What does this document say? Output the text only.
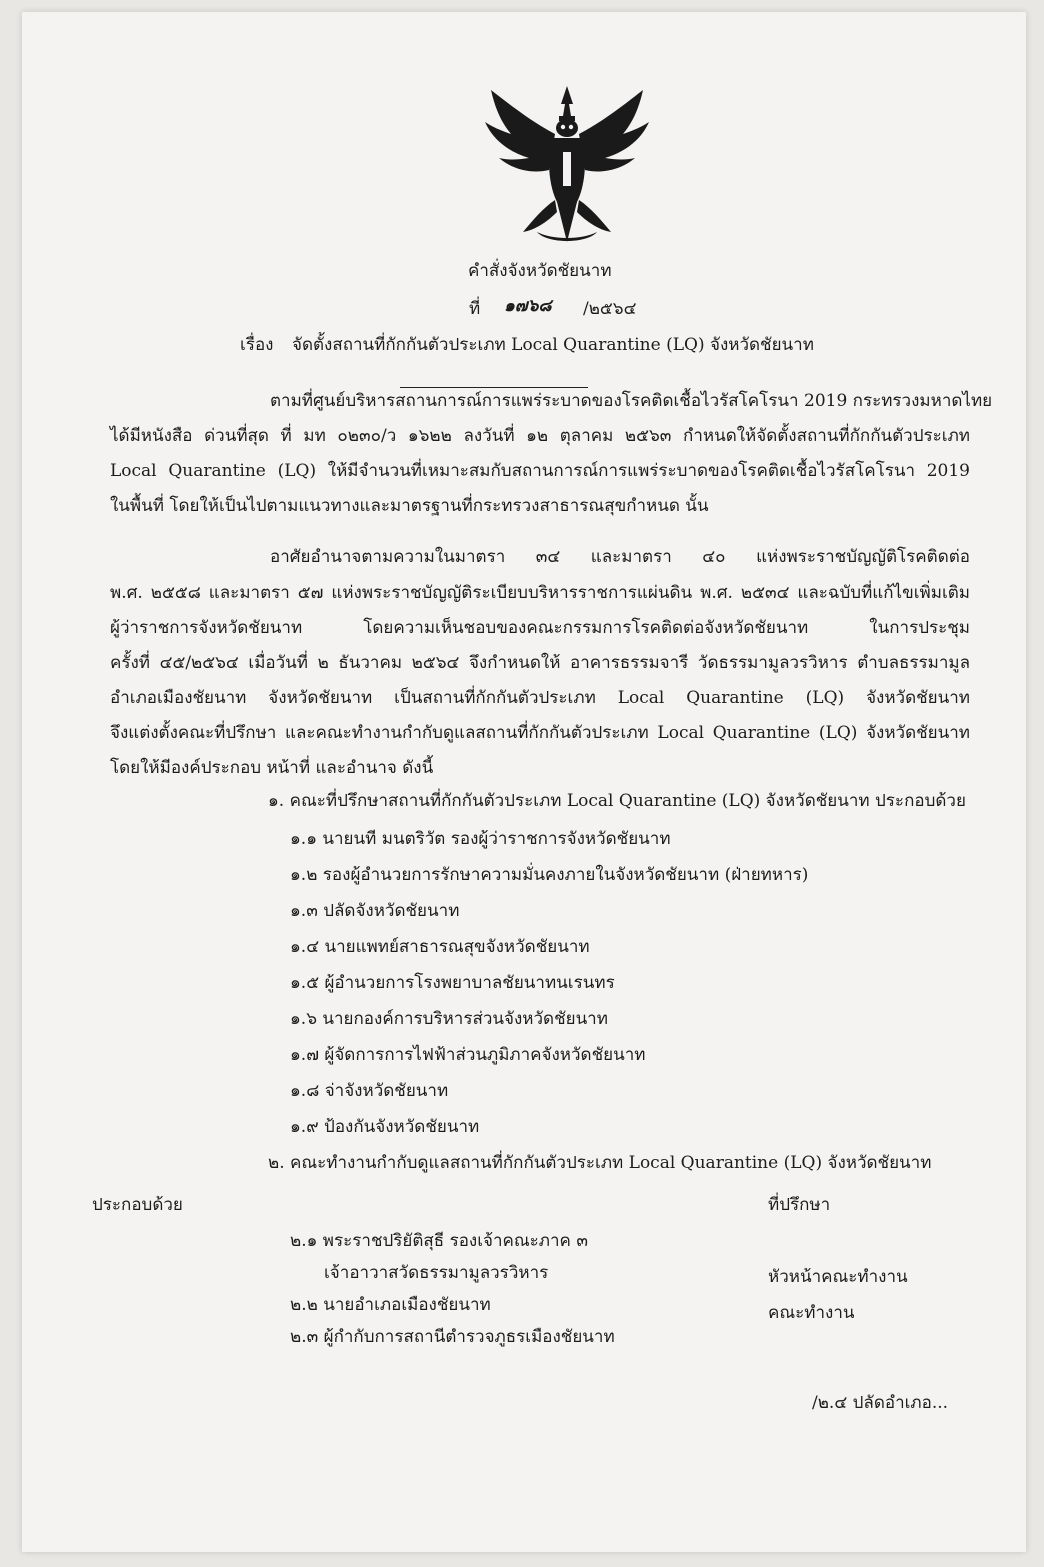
คำสั่งจังหวัดชัยนาท
ที่ ๑๗๖๘ /๒๕๖๔
เรื่อง จัดตั้งสถานที่กักกันตัวประเภท Local Quarantine (LQ) จังหวัดชัยนาท
ตามที่ศูนย์บริหารสถานการณ์การแพร่ระบาดของโรคติดเชื้อไวรัสโคโรนา 2019 กระทรวงมหาดไทย
ได้มีหนังสือ ด่วนที่สุด ที่ มท ๐๒๓๐/ว ๑๖๒๒ ลงวันที่ ๑๒ ตุลาคม ๒๕๖๓ กำหนดให้จัดตั้งสถานที่กักกันตัวประเภท
Local Quarantine (LQ) ให้มีจำนวนที่เหมาะสมกับสถานการณ์การแพร่ระบาดของโรคติดเชื้อไวรัสโคโรนา 2019
ในพื้นที่ โดยให้เป็นไปตามแนวทางและมาตรฐานที่กระทรวงสาธารณสุขกำหนด นั้น
อาศัยอำนาจตามความในมาตรา ๓๔ และมาตรา ๔๐ แห่งพระราชบัญญัติโรคติดต่อ
พ.ศ. ๒๕๕๘ และมาตรา ๕๗ แห่งพระราชบัญญัติระเบียบบริหารราชการแผ่นดิน พ.ศ. ๒๕๓๔ และฉบับที่แก้ไขเพิ่มเติม
ผู้ว่าราชการจังหวัดชัยนาท โดยความเห็นชอบของคณะกรรมการโรคติดต่อจังหวัดชัยนาท ในการประชุม
ครั้งที่ ๔๕/๒๕๖๔ เมื่อวันที่ ๒ ธันวาคม ๒๕๖๔ จึงกำหนดให้ อาคารธรรมจารี วัดธรรมามูลวรวิหาร ตำบลธรรมามูล
อำเภอเมืองชัยนาท จังหวัดชัยนาท เป็นสถานที่กักกันตัวประเภท Local Quarantine (LQ) จังหวัดชัยนาท
จึงแต่งตั้งคณะที่ปรึกษา และคณะทำงานกำกับดูแลสถานที่กักกันตัวประเภท Local Quarantine (LQ) จังหวัดชัยนาท
โดยให้มีองค์ประกอบ หน้าที่ และอำนาจ ดังนี้
๑. คณะที่ปรึกษาสถานที่กักกันตัวประเภท Local Quarantine (LQ) จังหวัดชัยนาท ประกอบด้วย
๑.๑ นายนที มนตริวัต รองผู้ว่าราชการจังหวัดชัยนาท
๑.๒ รองผู้อำนวยการรักษาความมั่นคงภายในจังหวัดชัยนาท (ฝ่ายทหาร)
๑.๓ ปลัดจังหวัดชัยนาท
๑.๔ นายแพทย์สาธารณสุขจังหวัดชัยนาท
๑.๕ ผู้อำนวยการโรงพยาบาลชัยนาทนเรนทร
๑.๖ นายกองค์การบริหารส่วนจังหวัดชัยนาท
๑.๗ ผู้จัดการการไฟฟ้าส่วนภูมิภาคจังหวัดชัยนาท
๑.๘ จ่าจังหวัดชัยนาท
๑.๙ ป้องกันจังหวัดชัยนาท
๒. คณะทำงานกำกับดูแลสถานที่กักกันตัวประเภท Local Quarantine (LQ) จังหวัดชัยนาท
ประกอบด้วย
๒.๑ พระราชปริยัติสุธี รองเจ้าคณะภาค ๓
ที่ปรึกษา
เจ้าอาวาสวัดธรรมามูลวรวิหาร
๒.๒ นายอำเภอเมืองชัยนาท
หัวหน้าคณะทำงาน
๒.๓ ผู้กำกับการสถานีตำรวจภูธรเมืองชัยนาท
คณะทำงาน
/๒.๔ ปลัดอำเภอ...
